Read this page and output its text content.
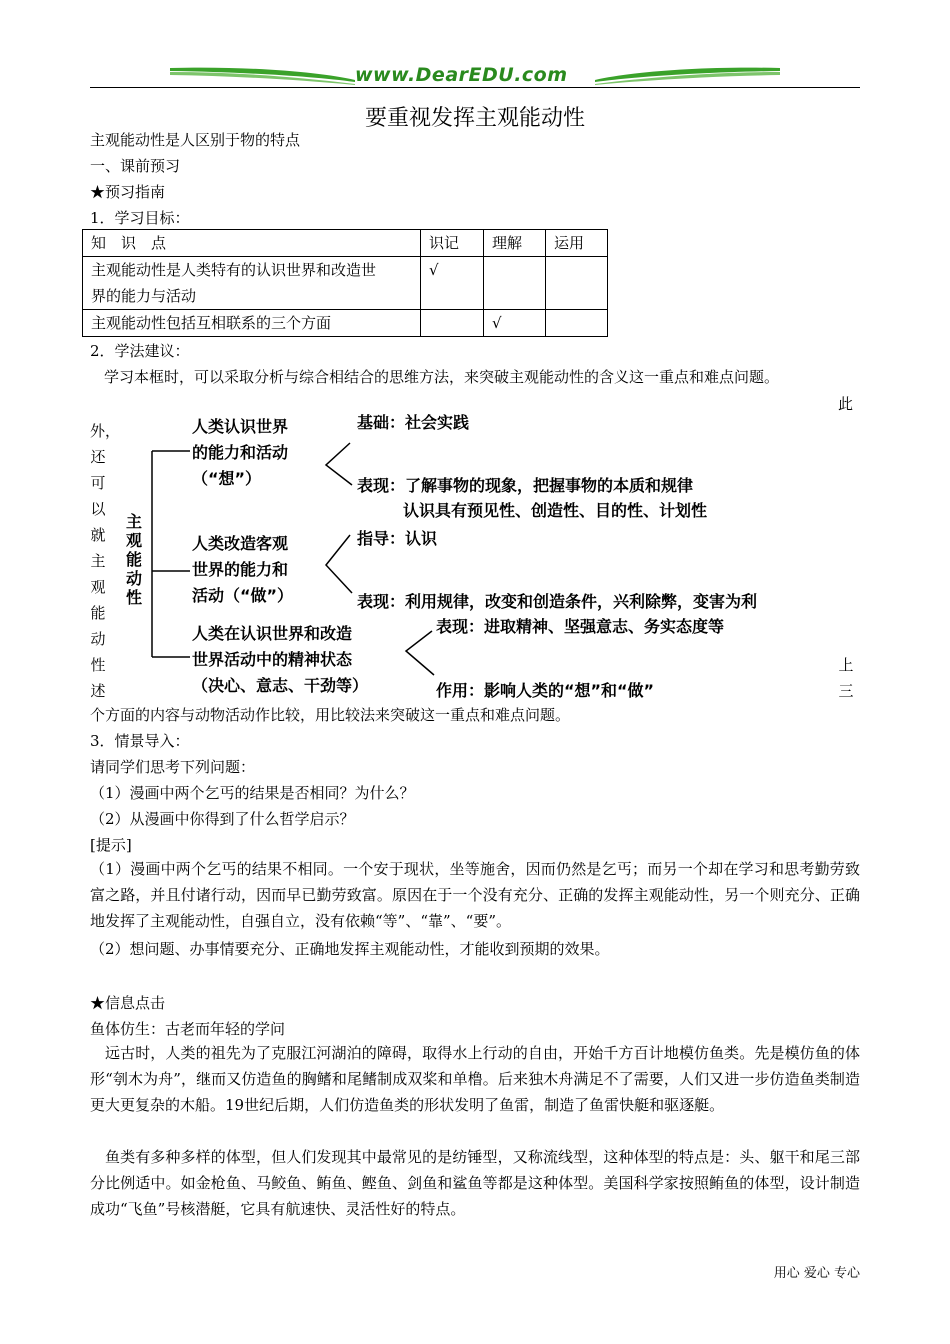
www.DearEDU.com
要重视发挥主观能动性
主观能动性是人区别于物的特点
一、课前预习
★预习指南
1．学习目标：
知　识　点	识记	理解	运用
主观能动性是人类特有的认识世界和改造世
界的能力与活动	√		
主观能动性包括互相联系的三个方面		√	
2．学法建议：
学习本框时，可以采取分析与综合相结合的思维方法，来突破主观能动性的含义这一重点和难点问题。
此
外，
还
可
以
就
主
观
能
动
性
述
上
三
主
观
能
动
性
人类认识世界
的能力和活动
（“想”）
基础：社会实践
表现：了解事物的现象，把握事物的本质和规律
认识具有预见性、创造性、目的性、计划性
人类改造客观
世界的能力和
活动（“做”）
指导：认识
表现：利用规律，改变和创造条件，兴利除弊，变害为利
人类在认识世界和改造
世界活动中的精神状态
（决心、意志、干劲等）
表现：进取精神、坚强意志、务实态度等
作用：影响人类的“想”和“做”
个方面的内容与动物活动作比较，用比较法来突破这一重点和难点问题。
3．情景导入：
请同学们思考下列问题：
（1）漫画中两个乞丐的结果是否相同？为什么？
（2）从漫画中你得到了什么哲学启示？
[提示]
（1）漫画中两个乞丐的结果不相同。一个安于现状，坐等施舍，因而仍然是乞丐；而另一个却在学习和思考勤劳致富之路，并且付诸行动，因而早已勤劳致富。原因在于一个没有充分、正确的发挥主观能动性，另一个则充分、正确地发挥了主观能动性，自强自立，没有依赖“等”、“靠”、“要”。
（2）想问题、办事情要充分、正确地发挥主观能动性，才能收到预期的效果。
★信息点击
鱼体仿生：古老而年轻的学问
远古时，人类的祖先为了克服江河湖泊的障碍，取得水上行动的自由，开始千方百计地模仿鱼类。先是模仿鱼的体形“刳木为舟”，继而又仿造鱼的胸鳍和尾鳍制成双桨和单橹。后来独木舟满足不了需要，人们又进一步仿造鱼类制造更大更复杂的木船。19世纪后期，人们仿造鱼类的形状发明了鱼雷，制造了鱼雷快艇和驱逐艇。
鱼类有多种多样的体型，但人们发现其中最常见的是纺锤型，又称流线型，这种体型的特点是：头、躯干和尾三部分比例适中。如金枪鱼、马鲛鱼、鲔鱼、鲣鱼、剑鱼和鲨鱼等都是这种体型。美国科学家按照鲔鱼的体型，设计制造成功“飞鱼”号核潜艇，它具有航速快、灵活性好的特点。
用心 爱心 专心
